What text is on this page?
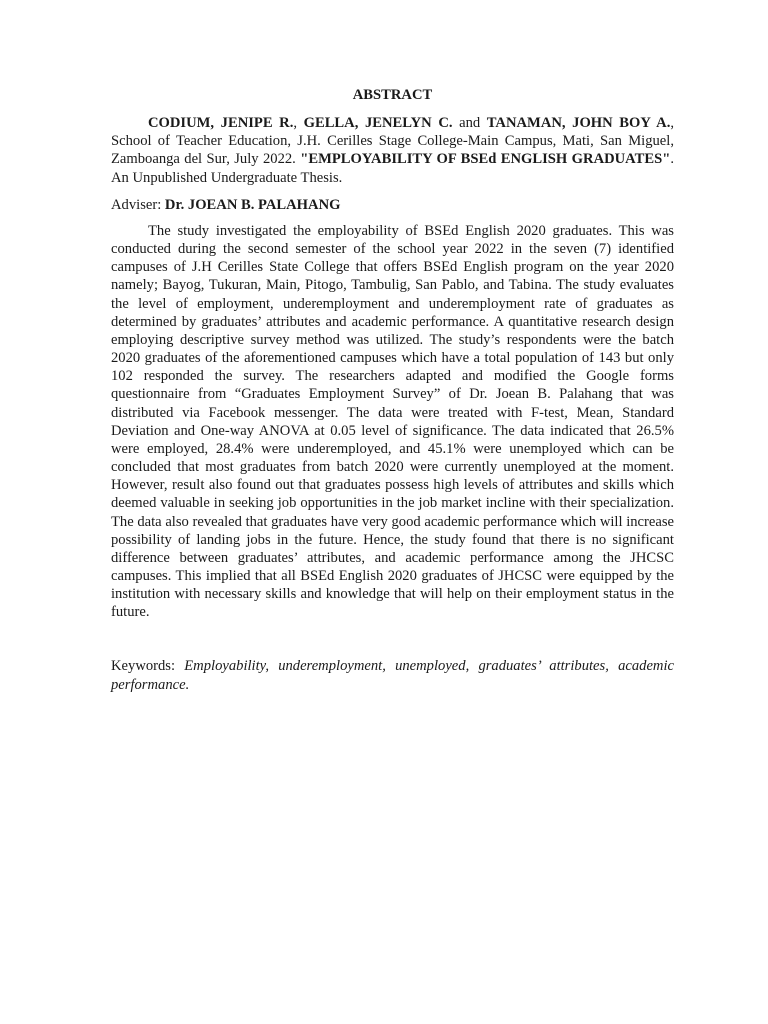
ABSTRACT

CODIUM, JENIPE R., GELLA, JENELYN C. and TANAMAN, JOHN BOY A., School of Teacher Education, J.H. Cerilles Stage College-Main Campus, Mati, San Miguel, Zamboanga del Sur, July 2022. "EMPLOYABILITY OF BSEd ENGLISH GRADUATES". An Unpublished Undergraduate Thesis.

Adviser: Dr. JOEAN B. PALAHANG

The study investigated the employability of BSEd English 2020 graduates. This was conducted during the second semester of the school year 2022 in the seven (7) identified campuses of J.H Cerilles State College that offers BSEd English program on the year 2020 namely; Bayog, Tukuran, Main, Pitogo, Tambulig, San Pablo, and Tabina. The study evaluates the level of employment, underemployment and underemployment rate of graduates as determined by graduates’ attributes and academic performance. A quantitative research design employing descriptive survey method was utilized. The study’s respondents were the batch 2020 graduates of the aforementioned campuses which have a total population of 143 but only 102 responded the survey. The researchers adapted and modified the Google forms questionnaire from “Graduates Employment Survey” of Dr. Joean B. Palahang that was distributed via Facebook messenger. The data were treated with F-test, Mean, Standard Deviation and One-way ANOVA at 0.05 level of significance. The data indicated that 26.5% were employed, 28.4% were underemployed, and 45.1% were unemployed which can be concluded that most graduates from batch 2020 were currently unemployed at the moment. However, result also found out that graduates possess high levels of attributes and skills which deemed valuable in seeking job opportunities in the job market incline with their specialization. The data also revealed that graduates have very good academic performance which will increase possibility of landing jobs in the future. Hence, the study found that there is no significant difference between graduates’ attributes, and academic performance among the JHCSC campuses. This implied that all BSEd English 2020 graduates of JHCSC were equipped by the institution with necessary skills and knowledge that will help on their employment status in the future.

Keywords: Employability, underemployment, unemployed, graduates’ attributes, academic performance.
